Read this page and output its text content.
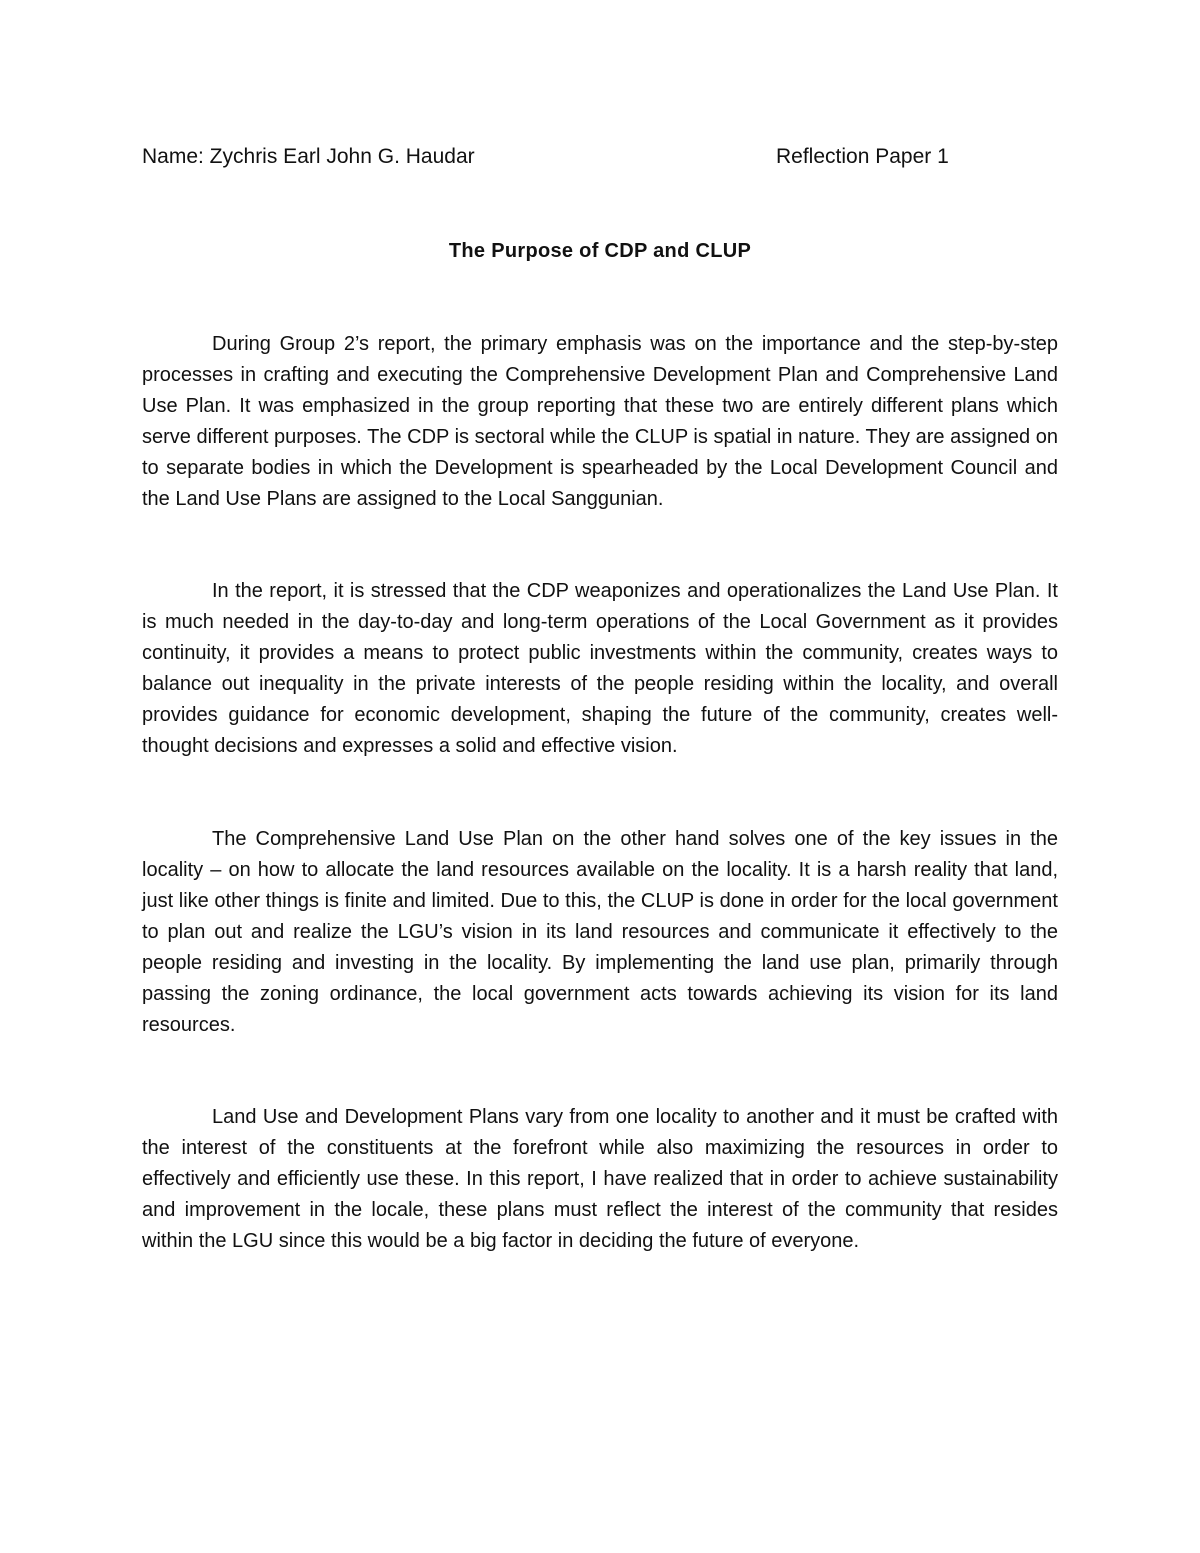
Name: Zychris Earl John G. Haudar	Reflection Paper 1
The Purpose of CDP and CLUP

During Group 2’s report, the primary emphasis was on the importance and the step-by-step processes in crafting and executing the Comprehensive Development Plan and Comprehensive Land Use Plan. It was emphasized in the group reporting that these two are entirely different plans which serve different purposes. The CDP is sectoral while the CLUP is spatial in nature. They are assigned on to separate bodies in which the Development is spearheaded by the Local Development Council and the Land Use Plans are assigned to the Local Sanggunian.

In the report, it is stressed that the CDP weaponizes and operationalizes the Land Use Plan. It is much needed in the day-to-day and long-term operations of the Local Government as it provides continuity, it provides a means to protect public investments within the community, creates ways to balance out inequality in the private interests of the people residing within the locality, and overall provides guidance for economic development, shaping the future of the community, creates well-thought decisions and expresses a solid and effective vision.

The Comprehensive Land Use Plan on the other hand solves one of the key issues in the locality – on how to allocate the land resources available on the locality. It is a harsh reality that land, just like other things is finite and limited. Due to this, the CLUP is done in order for the local government to plan out and realize the LGU’s vision in its land resources and communicate it effectively to the people residing and investing in the locality. By implementing the land use plan, primarily through passing the zoning ordinance, the local government acts towards achieving its vision for its land resources.

Land Use and Development Plans vary from one locality to another and it must be crafted with the interest of the constituents at the forefront while also maximizing the resources in order to effectively and efficiently use these. In this report, I have realized that in order to achieve sustainability and improvement in the locale, these plans must reflect the interest of the community that resides within the LGU since this would be a big factor in deciding the future of everyone.
